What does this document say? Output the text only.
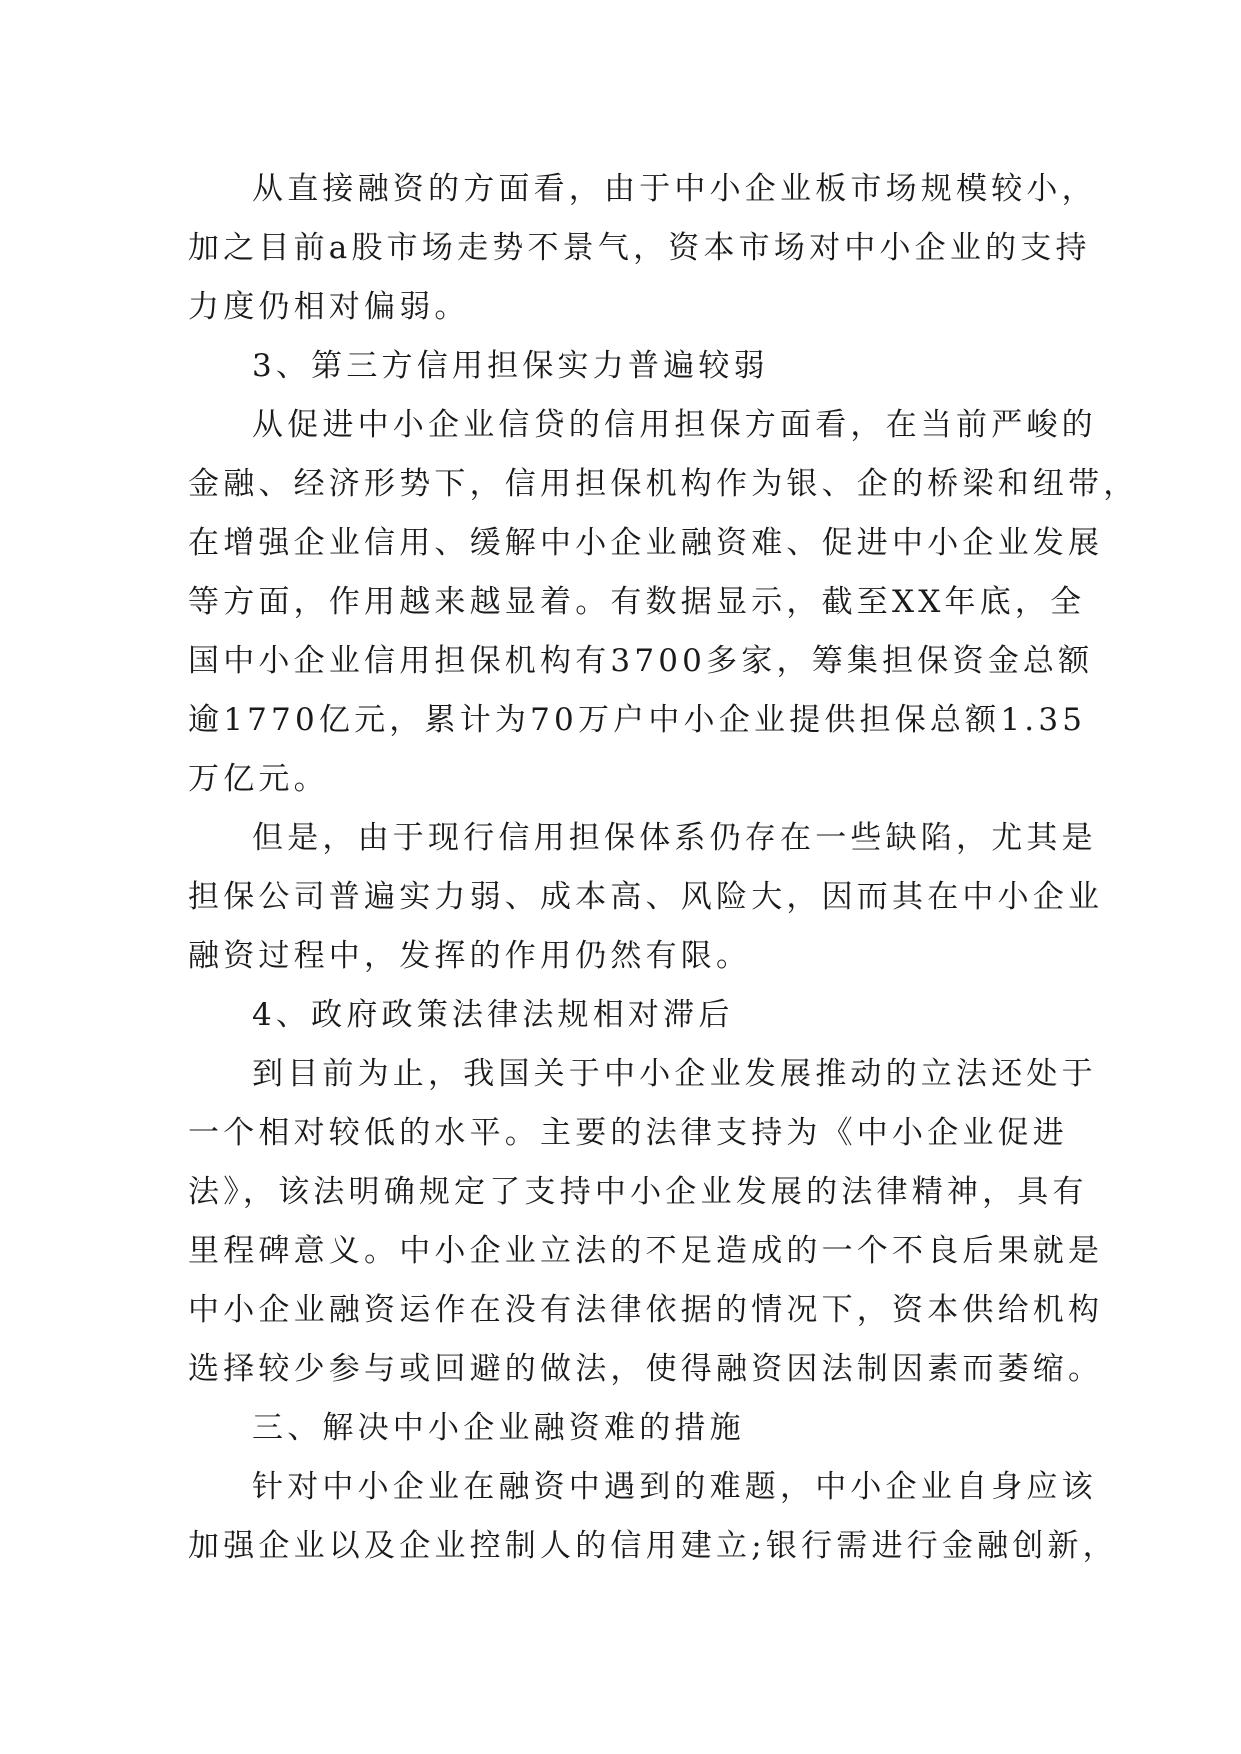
从直接融资的方面看，由于中小企业板市场规模较小，
加之目前a股市场走势不景气，资本市场对中小企业的支持
力度仍相对偏弱。
3、第三方信用担保实力普遍较弱
从促进中小企业信贷的信用担保方面看，在当前严峻的
金融、经济形势下，信用担保机构作为银、企的桥梁和纽带，
在增强企业信用、缓解中小企业融资难、促进中小企业发展
等方面，作用越来越显着。有数据显示，截至XX年底，全
国中小企业信用担保机构有3700多家，筹集担保资金总额
逾1770亿元，累计为70万户中小企业提供担保总额1.35
万亿元。
但是，由于现行信用担保体系仍存在一些缺陷，尤其是
担保公司普遍实力弱、成本高、风险大，因而其在中小企业
融资过程中，发挥的作用仍然有限。
4、政府政策法律法规相对滞后
到目前为止，我国关于中小企业发展推动的立法还处于
一个相对较低的水平。主要的法律支持为《中小企业促进
法》，该法明确规定了支持中小企业发展的法律精神，具有
里程碑意义。中小企业立法的不足造成的一个不良后果就是
中小企业融资运作在没有法律依据的情况下，资本供给机构
选择较少参与或回避的做法，使得融资因法制因素而萎缩。
三、解决中小企业融资难的措施
针对中小企业在融资中遇到的难题，中小企业自身应该
加强企业以及企业控制人的信用建立;银行需进行金融创新，
